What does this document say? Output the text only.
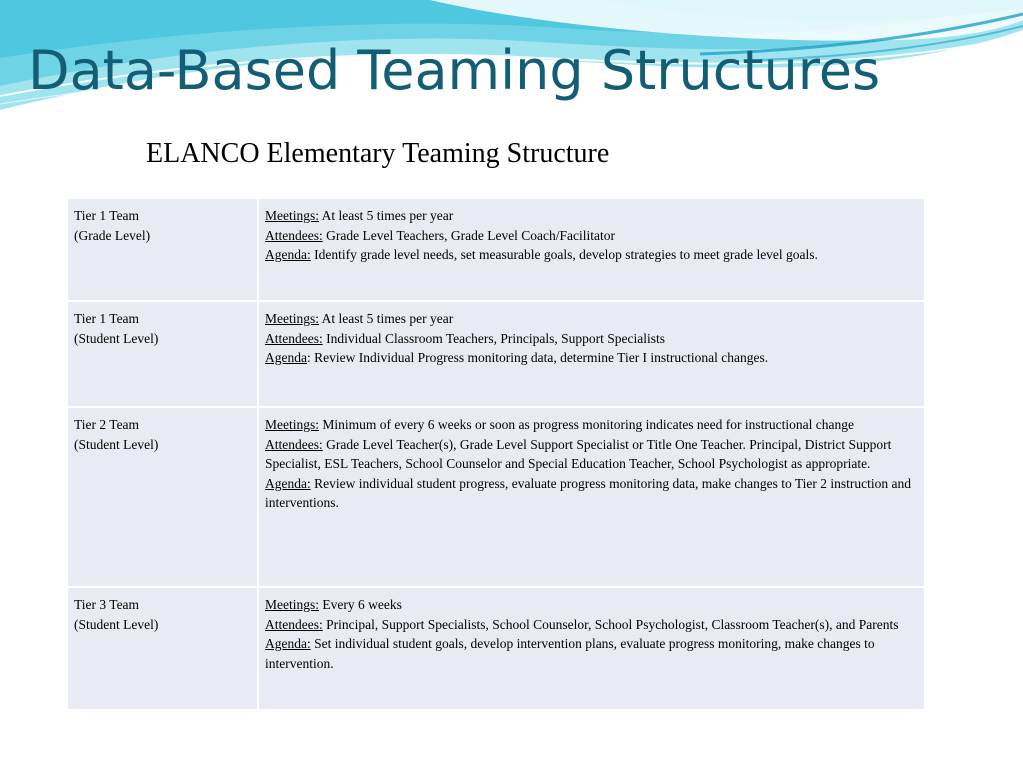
Data-Based Teaming Structures
ELANCO Elementary Teaming Structure
Tier 1 Team
(Grade Level)	Meetings: At least 5 times per year
Attendees: Grade Level Teachers, Grade Level Coach/Facilitator
Agenda: Identify grade level needs, set measurable goals, develop strategies to meet grade level goals.

Tier 1 Team
(Student Level)	Meetings: At least 5 times per year
Attendees: Individual Classroom Teachers, Principals, Support Specialists
Agenda: Review Individual Progress monitoring data, determine Tier I instructional changes.

Tier 2 Team
(Student Level)	Meetings: Minimum of every 6 weeks or soon as progress monitoring indicates need for instructional change
Attendees: Grade Level Teacher(s), Grade Level Support Specialist or Title One Teacher. Principal, District Support Specialist, ESL Teachers, School Counselor and Special Education Teacher, School Psychologist as appropriate.
Agenda: Review individual student progress, evaluate progress monitoring data, make changes to Tier 2 instruction and interventions.

Tier 3 Team
(Student Level)	Meetings: Every 6 weeks
Attendees: Principal, Support Specialists, School Counselor, School Psychologist, Classroom Teacher(s), and Parents
Agenda: Set individual student goals, develop intervention plans, evaluate progress monitoring, make changes to intervention.
